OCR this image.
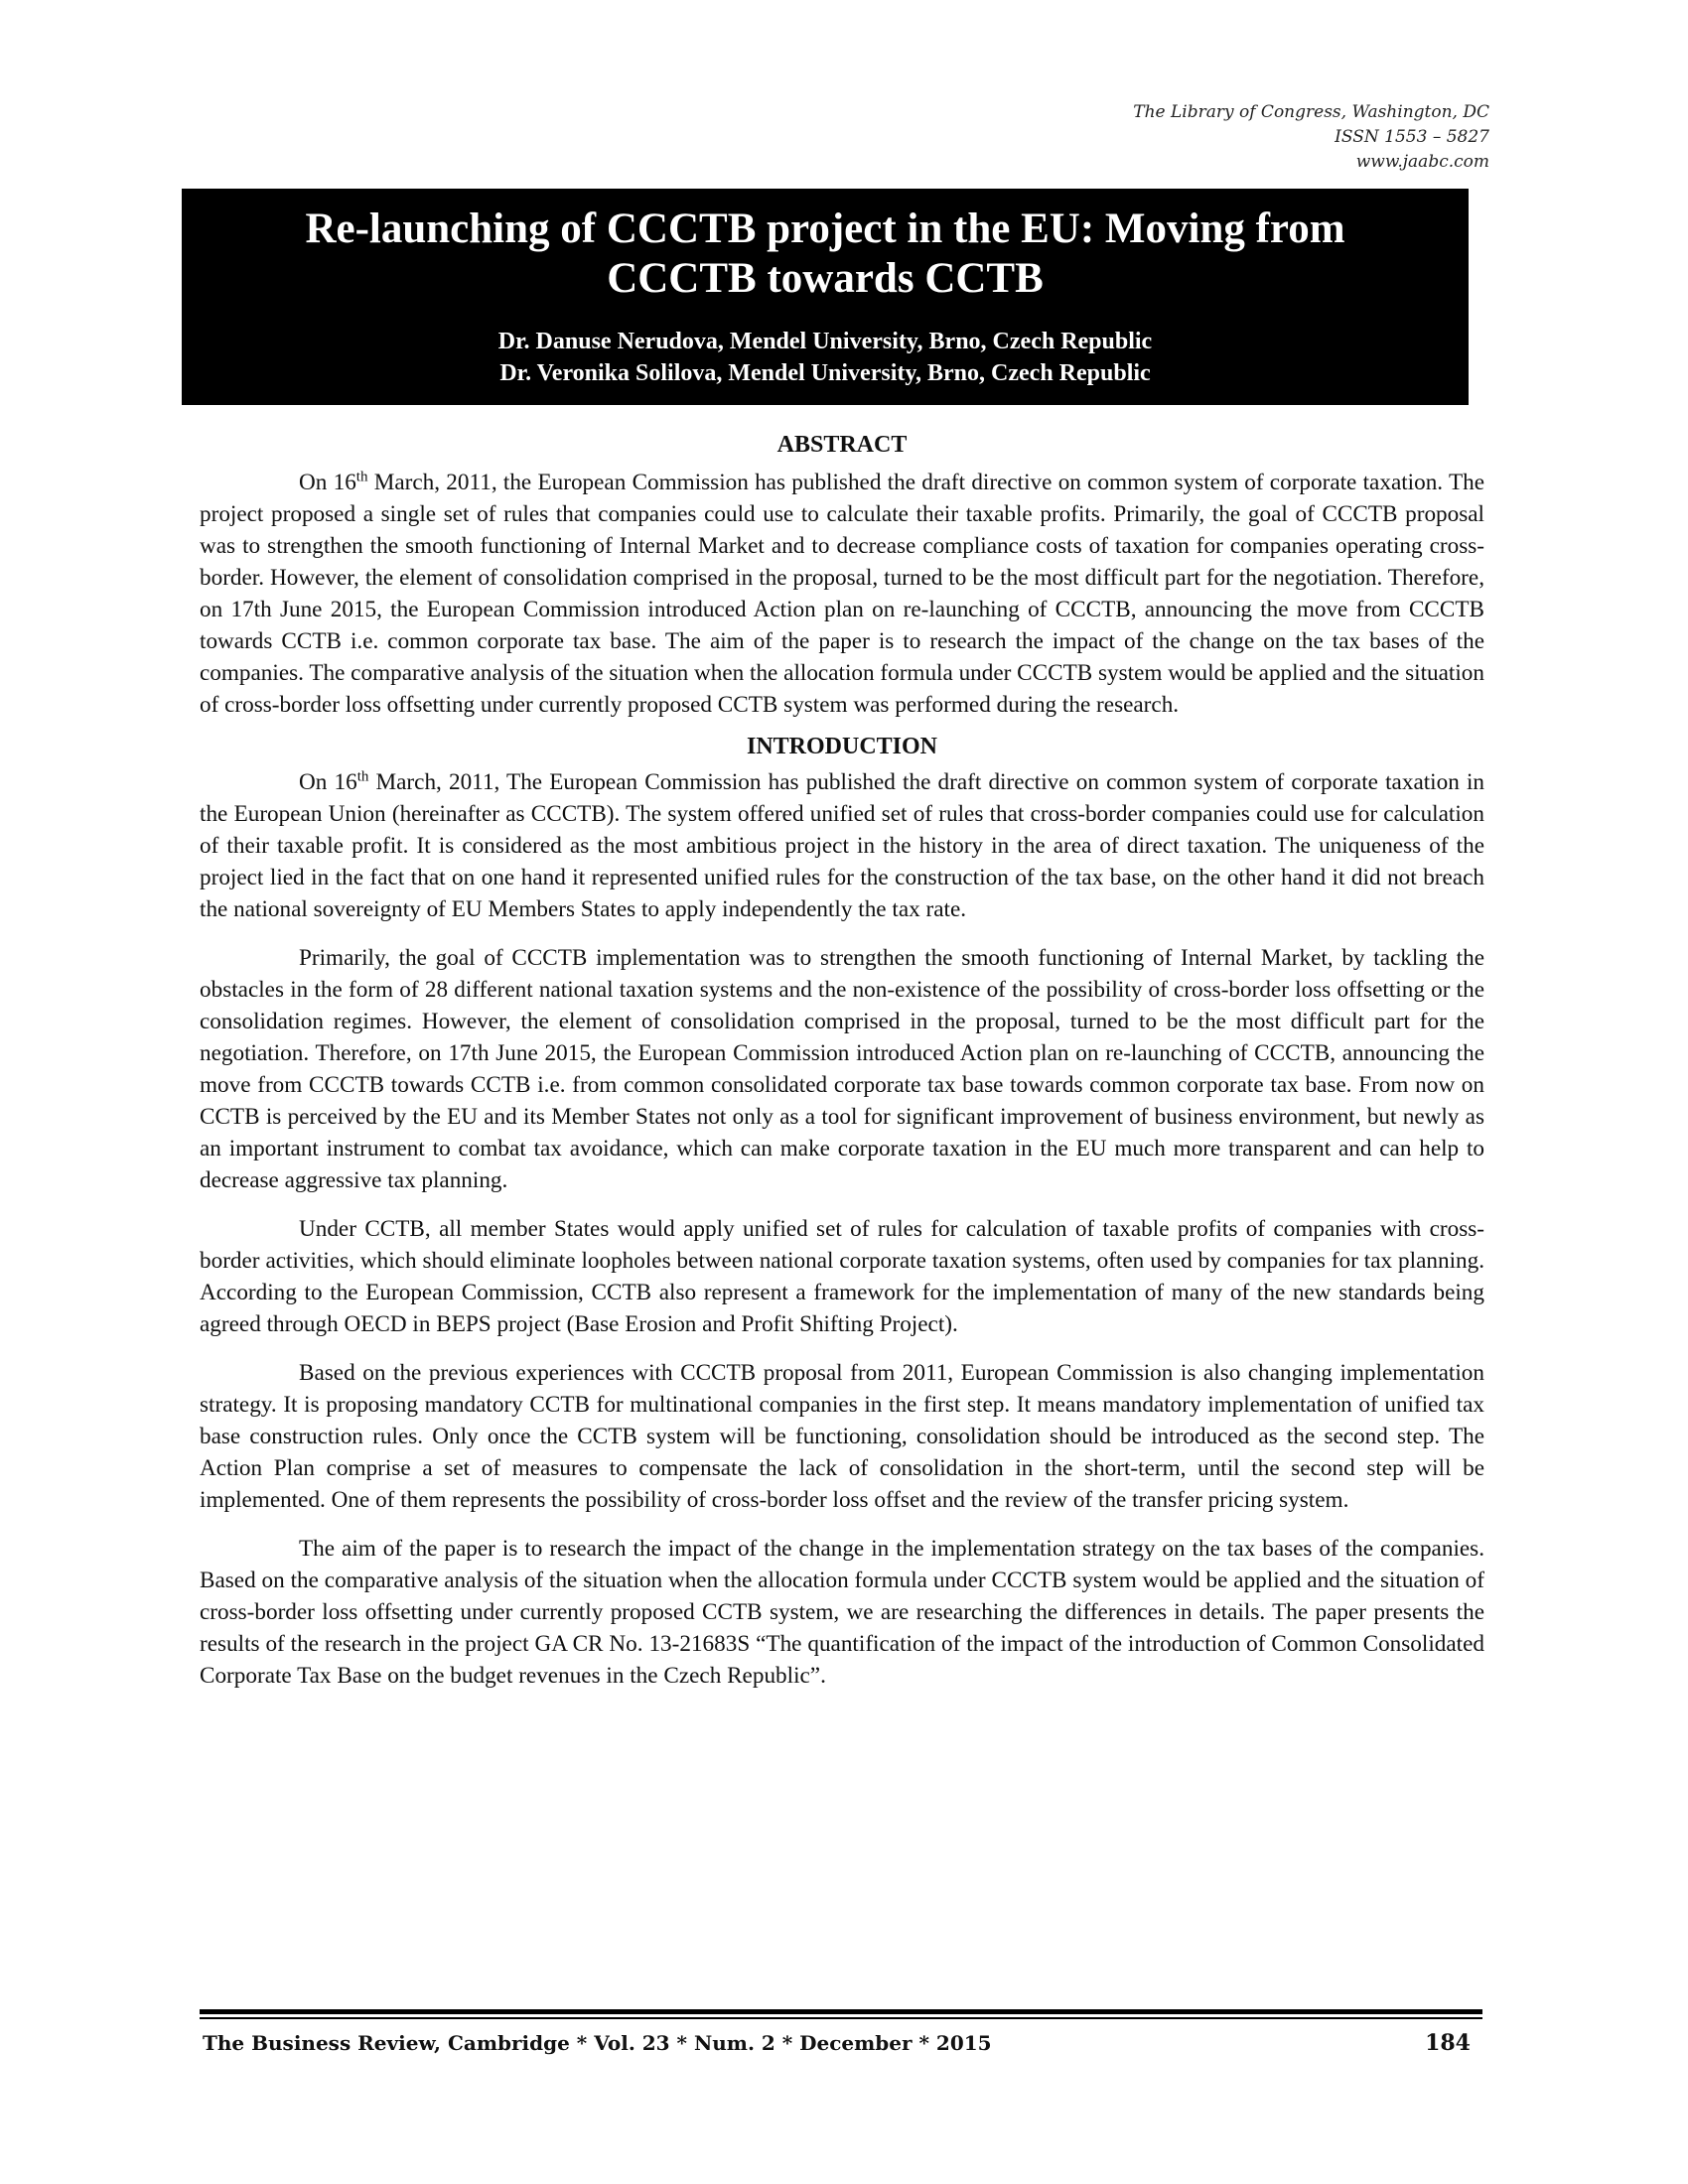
The Library of Congress, Washington, DC
ISSN 1553 – 5827
www.jaabc.com
Re-launching of CCCTB project in the EU: Moving from CCCTB towards CCTB
Dr. Danuse Nerudova, Mendel University, Brno, Czech Republic
Dr. Veronika Solilova, Mendel University, Brno, Czech Republic
ABSTRACT

On 16th March, 2011, the European Commission has published the draft directive on common system of corporate taxation. The project proposed a single set of rules that companies could use to calculate their taxable profits. Primarily, the goal of CCCTB proposal was to strengthen the smooth functioning of Internal Market and to decrease compliance costs of taxation for companies operating cross-border. However, the element of consolidation comprised in the proposal, turned to be the most difficult part for the negotiation. Therefore, on 17th June 2015, the European Commission introduced Action plan on re-launching of CCCTB, announcing the move from CCCTB towards CCTB i.e. common corporate tax base. The aim of the paper is to research the impact of the change on the tax bases of the companies. The comparative analysis of the situation when the allocation formula under CCCTB system would be applied and the situation of cross-border loss offsetting under currently proposed CCTB system was performed during the research.

INTRODUCTION

On 16th March, 2011, The European Commission has published the draft directive on common system of corporate taxation in the European Union (hereinafter as CCCTB). The system offered unified set of rules that cross-border companies could use for calculation of their taxable profit. It is considered as the most ambitious project in the history in the area of direct taxation. The uniqueness of the project lied in the fact that on one hand it represented unified rules for the construction of the tax base, on the other hand it did not breach the national sovereignty of EU Members States to apply independently the tax rate.

Primarily, the goal of CCCTB implementation was to strengthen the smooth functioning of Internal Market, by tackling the obstacles in the form of 28 different national taxation systems and the non-existence of the possibility of cross-border loss offsetting or the consolidation regimes. However, the element of consolidation comprised in the proposal, turned to be the most difficult part for the negotiation. Therefore, on 17th June 2015, the European Commission introduced Action plan on re-launching of CCCTB, announcing the move from CCCTB towards CCTB i.e. from common consolidated corporate tax base towards common corporate tax base. From now on CCTB is perceived by the EU and its Member States not only as a tool for significant improvement of business environment, but newly as an important instrument to combat tax avoidance, which can make corporate taxation in the EU much more transparent and can help to decrease aggressive tax planning.

Under CCTB, all member States would apply unified set of rules for calculation of taxable profits of companies with cross-border activities, which should eliminate loopholes between national corporate taxation systems, often used by companies for tax planning. According to the European Commission, CCTB also represent a framework for the implementation of many of the new standards being agreed through OECD in BEPS project (Base Erosion and Profit Shifting Project).

Based on the previous experiences with CCCTB proposal from 2011, European Commission is also changing implementation strategy. It is proposing mandatory CCTB for multinational companies in the first step. It means mandatory implementation of unified tax base construction rules. Only once the CCTB system will be functioning, consolidation should be introduced as the second step. The Action Plan comprise a set of measures to compensate the lack of consolidation in the short-term, until the second step will be implemented. One of them represents the possibility of cross-border loss offset and the review of the transfer pricing system.

The aim of the paper is to research the impact of the change in the implementation strategy on the tax bases of the companies. Based on the comparative analysis of the situation when the allocation formula under CCCTB system would be applied and the situation of cross-border loss offsetting under currently proposed CCTB system, we are researching the differences in details. The paper presents the results of the research in the project GA CR No. 13-21683S “The quantification of the impact of the introduction of Common Consolidated Corporate Tax Base on the budget revenues in the Czech Republic”.

The Business Review, Cambridge * Vol. 23 * Num. 2 * December * 2015	184
